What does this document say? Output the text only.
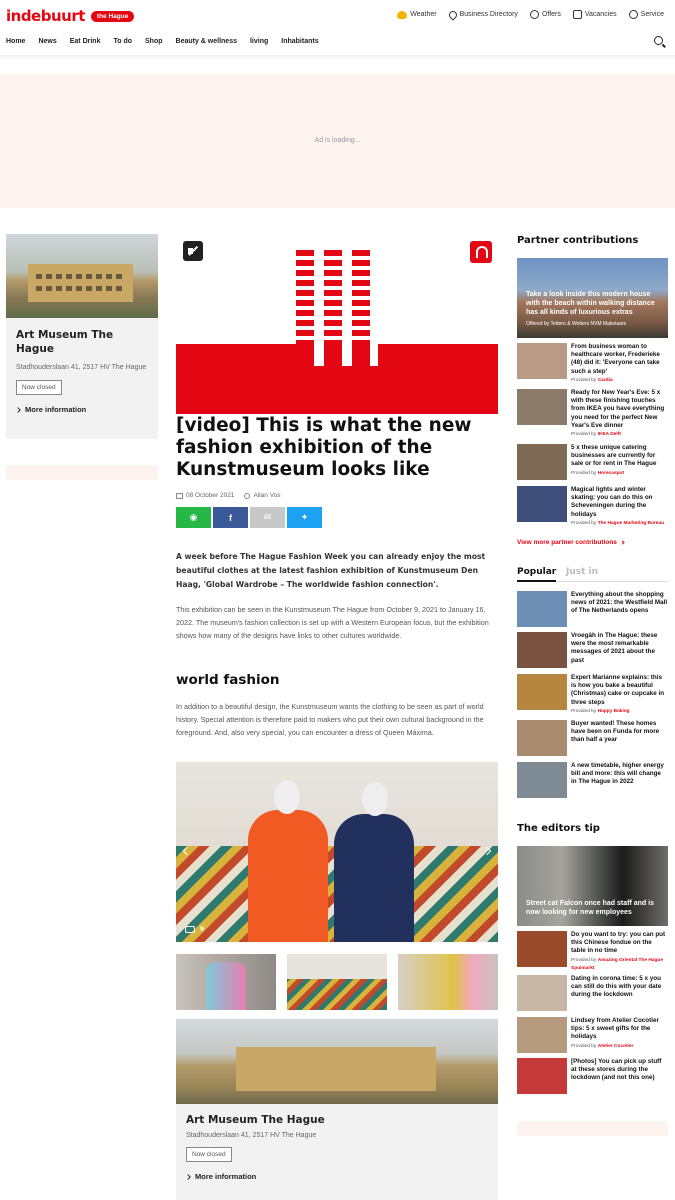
indebuurt	the Hague	Weather	Business Directory	Offers	Vacancies	Service
Home News Eat Drink To do Shop Beauty & wellness living Inhabitants
Ad is loading...
Art Museum The Hague
Stadhouderslaan 41, 2517 HV The Hague
Now closed
More information
[video] This is what the new fashion exhibition of the Kunstmuseum looks like
08 October 2021	Allan Vos
◉	f	✉	✦

A week before The Hague Fashion Week you can already enjoy the most beautiful clothes at the latest fashion exhibition of Kunstmuseum Den Haag, 'Global Wardrobe – The worldwide fashion connection'.

This exhibition can be seen in the Kunstmuseum The Hague from October 9, 2021 to January 16, 2022. The museum's fashion collection is set up with a Western European focus, but the exhibition shows how many of the designs have links to other cultures worldwide.

world fashion

In addition to a beautiful design, the Kunstmuseum wants the clothing to be seen as part of world history. Special attention is therefore paid to makers who put their own cultural background in the foreground. And, also very special, you can encounter a dress of Queen Máxima.

9
Art Museum The Hague
Stadhouderslaan 41, 2517 HV The Hague
Now closed
More information
Partner contributions
Take a look inside this modern house with the beach within walking distance has all kinds of luxurious extras
Offered by Tettero & Wetters NVM Makelaars
From business woman to healthcare worker, Frederieke (48) did it: 'Everyone can take such a step'
Provided by Cardia
Ready for New Year's Eve: 5 x with these finishing touches from IKEA you have everything you need for the perfect New Year's Eve dinner
Provided by IKEA Delft
5 x these unique catering businesses are currently for sale or for rent in The Hague
Provided by Horecaspot
Magical lights and winter skating: you can do this on Scheveningen during the holidays
Provided by The Hague Marketing Bureau
View more partner contributions
Popular Just in
Everything about the shopping news of 2021: the Westfield Mall of The Netherlands opens
Vroegâh in The Hague: these were the most remarkable messages of 2021 about the past
Expert Marianne explains: this is how you bake a beautiful (Christmas) cake or cupcake in three steps
Provided by Happy Baking
Buyer wanted! These homes have been on Funda for more than half a year
A new timetable, higher energy bill and more: this will change in The Hague in 2022
The editors tip
Street cat Falcon once had staff and is now looking for new employees
Do you want to try: you can put this Chinese fondue on the table in no time
Provided by Amazing Oriental The Hague Spuimarkt
Dating in corona time: 5 x you can still do this with your date during the lockdown
Lindsey from Atelier Cocotier tips: 5 x sweet gifts for the holidays
Provided by Atelier Cocotier
[Photos] You can pick up stuff at these stores during the lockdown (and not this one)
